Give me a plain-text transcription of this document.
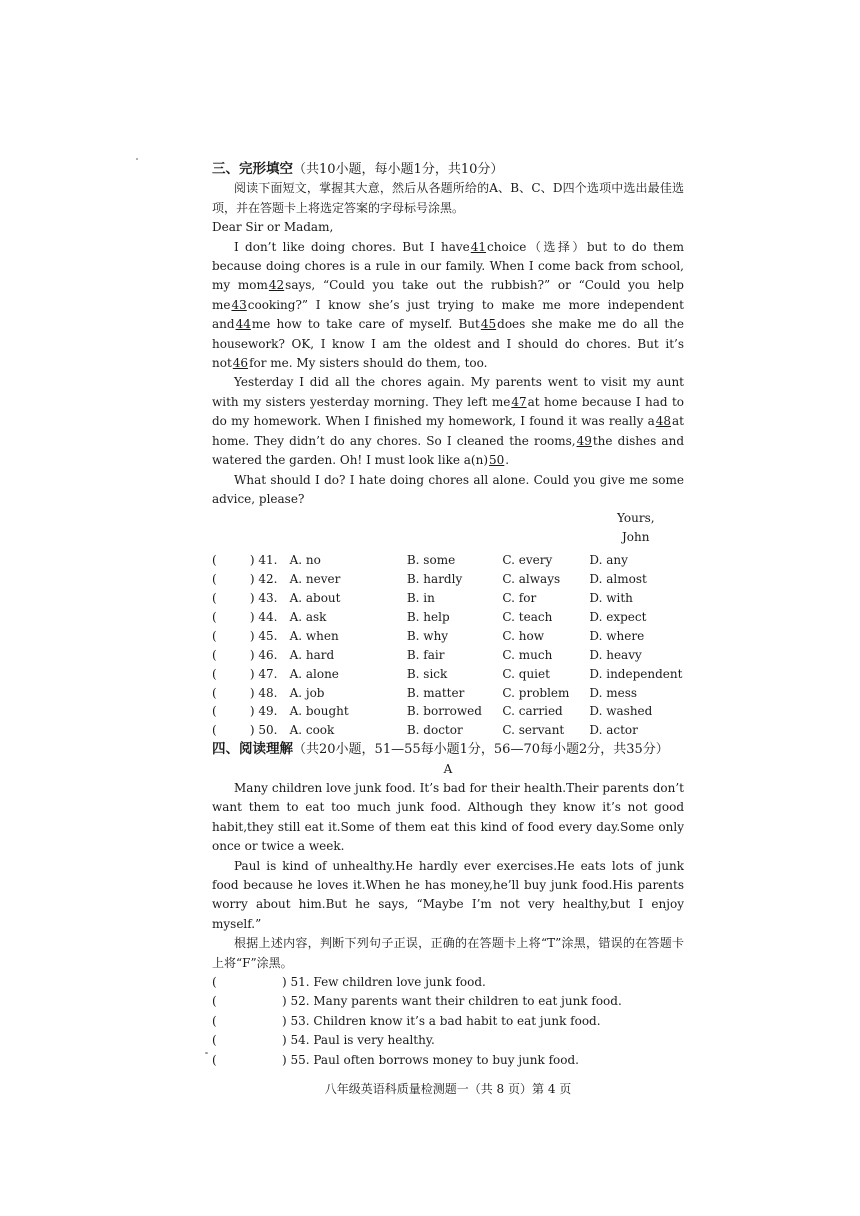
三、完形填空（共10小题，每小题1分，共10分）

阅读下面短文，掌握其大意，然后从各题所给的A、B、C、D四个选项中选出最佳选项，并在答题卡上将选定答案的字母标号涂黑。

Dear Sir or Madam,

I don’t like doing chores. But I have41choice（选择）but to do them because doing chores is a rule in our family. When I come back from school, my mom42says, “Could you take out the rubbish?” or “Could you help me43cooking?” I know she’s just trying to make me more independent and44me how to take care of myself. But45does she make me do all the housework? OK, I know I am the oldest and I should do chores. But it’s not46for me. My sisters should do them, too.

Yesterday I did all the chores again. My parents went to visit my aunt with my sisters yesterday morning. They left me47at home because I had to do my homework. When I finished my homework, I found it was really a48at home. They didn’t do any chores. So I cleaned the rooms,49the dishes and watered the garden. Oh! I must look like a(n)50.

What should I do? I hate doing chores all alone. Could you give me some advice, please?

Yours,
John
(	) 41.	A. no	B. some	C. every	D. any
(	) 42.	A. never	B. hardly	C. always	D. almost
(	) 43.	A. about	B. in	C. for	D. with
(	) 44.	A. ask	B. help	C. teach	D. expect
(	) 45.	A. when	B. why	C. how	D. where
(	) 46.	A. hard	B. fair	C. much	D. heavy
(	) 47.	A. alone	B. sick	C. quiet	D. independent
(	) 48.	A. job	B. matter	C. problem	D. mess
(	) 49.	A. bought	B. borrowed	C. carried	D. washed
(	) 50.	A. cook	B. doctor	C. servant	D. actor
四、阅读理解（共20小题，51—55每小题1分，56—70每小题2分，共35分）
A

Many children love junk food. It’s bad for their health.Their parents don’t want them to eat too much junk food. Although they know it’s not good habit,they still eat it.Some of them eat this kind of food every day.Some only once or twice a week.

Paul is kind of unhealthy.He hardly ever exercises.He eats lots of junk food because he loves it.When he has money,he’ll buy junk food.His parents worry about him.But he says, “Maybe I’m not very healthy,but I enjoy myself.”

根据上述内容，判断下列句子正误，正确的在答题卡上将“T”涂黑，错误的在答题卡上将“F”涂黑。

(	) 51. Few children love junk food.
(	) 52. Many parents want their children to eat junk food.
(	) 53. Children know it’s a bad habit to eat junk food.
(	) 54. Paul is very healthy.
(	) 55. Paul often borrows money to buy junk food.
八年级英语科质量检测题一（共 8 页）第 4 页
